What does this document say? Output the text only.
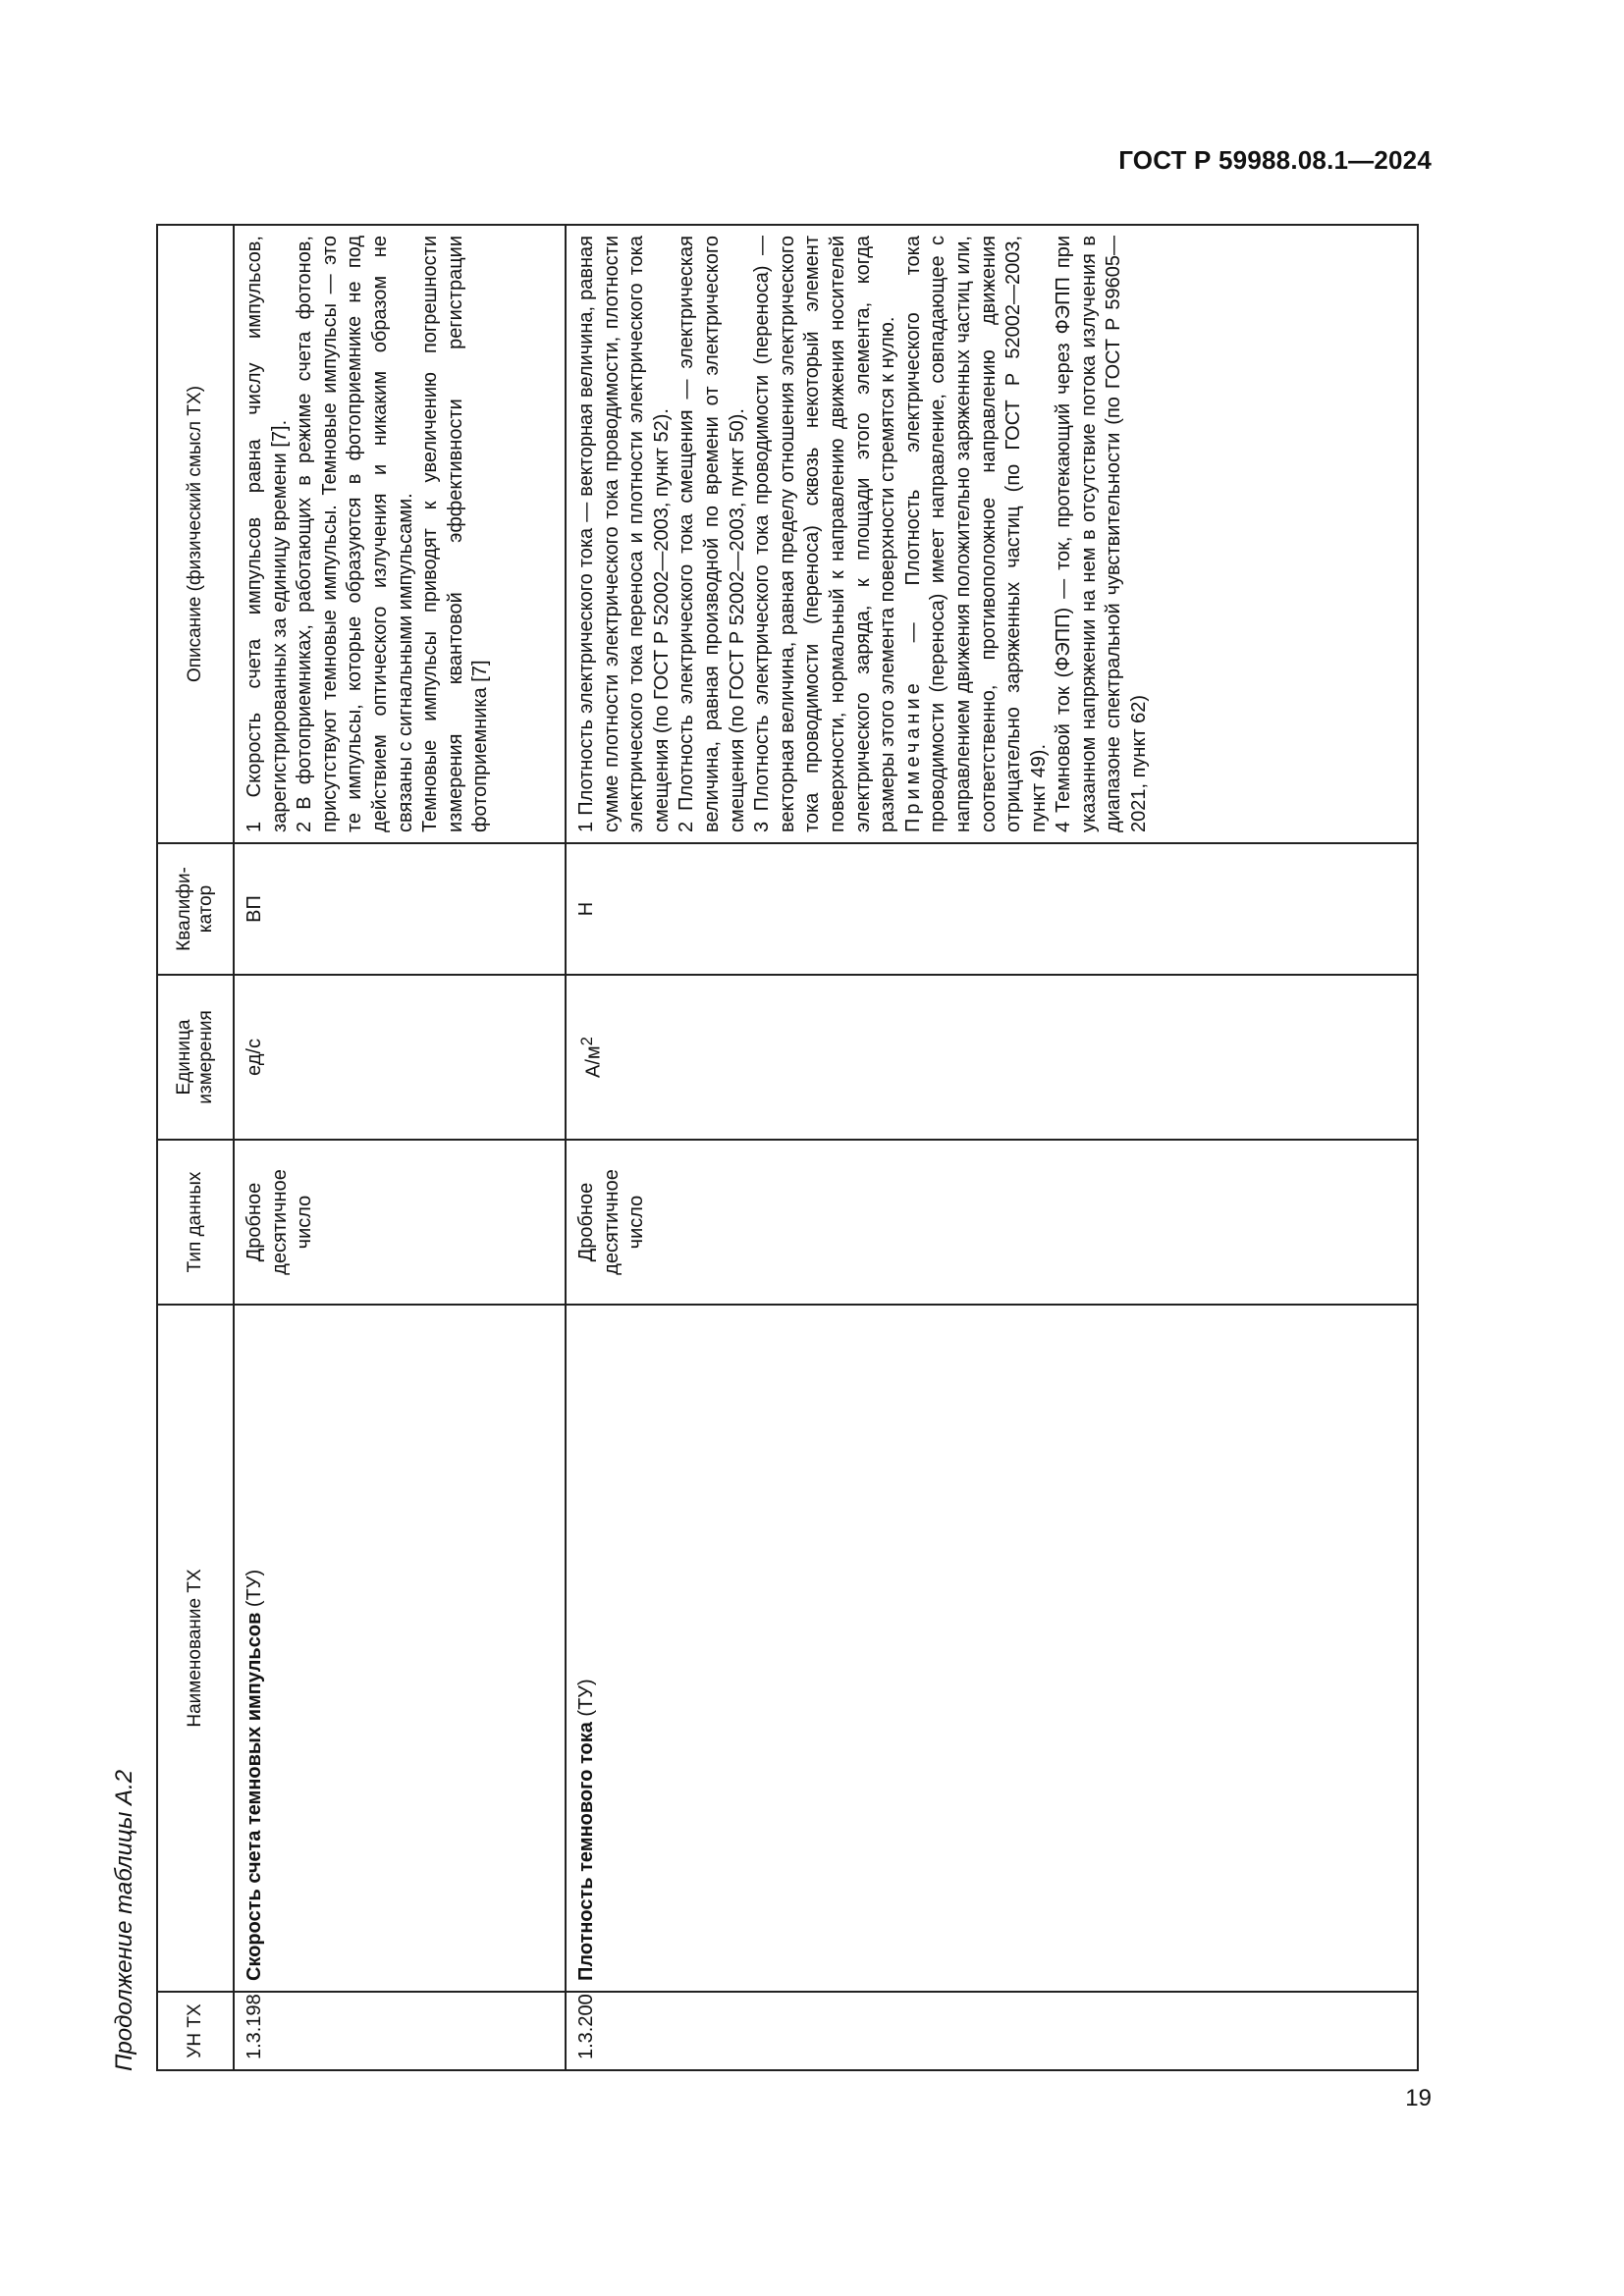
ГОСТ Р 59988.08.1—2024
Продолжение таблицы А.2	УН ТХ	Наименование ТХ	Тип данных	Единица измерения	Квалифи-катор	Описание (физический смысл ТХ)
1.3.198	Скорость счета темновых импульсов (ТУ)	Дробное десятичное число	ед/с	ВП	1 Скорость счета импульсов равна числу импульсов, зарегистрированных за единицу времени [7]. 2 В фотоприемниках, работающих в режиме счета фотонов, присутствуют темновые импульсы. Темновые импульсы — это те импульсы, которые образуются в фотоприемнике не под действием оптического излучения и никаким образом не связаны с сигнальными импульсами. Темновые импульсы приводят к увеличению погрешности измерения квантовой эффективности регистрации фотоприемника [7]

1.3.200	Плотность темнового тока (ТУ)	Дробное десятичное число	$А/м^2$	Н	1 Плотность электрического тока — векторная величина, равная сумме плотности электрического тока проводимости, плотности электрического тока переноса и плотности электрического тока смещения (по ГОСТ Р 52002—2003, пункт 52). 2 Плотность электрического тока смещения — электрическая величина, равная производной по времени от электрического смещения (по ГОСТ Р 52002—2003, пункт 50). 3 Плотность электрического тока проводимости (переноса) — векторная величина, равная пределу отношения электрического тока проводимости (переноса) сквозь некоторый элемент поверхности, нормальный к направлению движения носителей электрического заряда, к площади этого элемента, когда размеры этого элемента поверхности стремятся к нулю. Примечание — Плотность электрического тока проводимости (переноса) имеет направление, совпадающее с направлением движения положительно заряженных частиц или, соответственно, противоположное направлению движения отрицательно заряженных частиц (по ГОСТ Р 52002—2003, пункт 49). 4 Темновой ток (ФЭПП) — ток, протекающий через ФЭПП при указанном напряжении на нем в отсутствие потока излучения в диапазоне спектральной чувствительности (по ГОСТ Р 59605—2021, пункт 62)

19
